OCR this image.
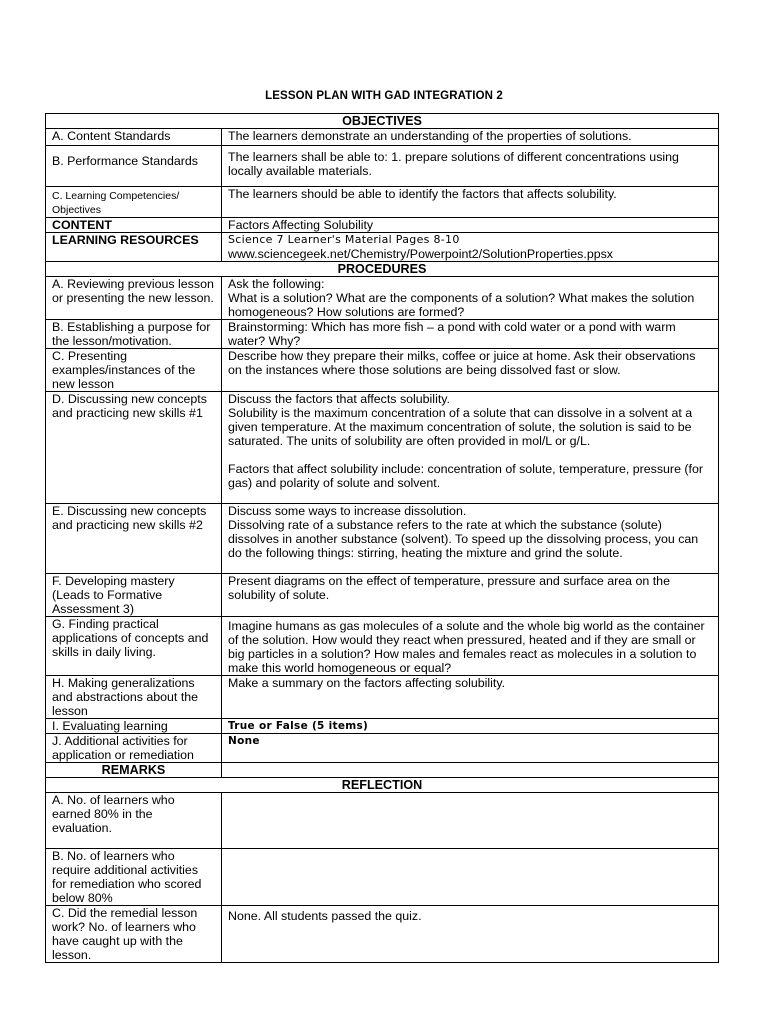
LESSON PLAN WITH GAD INTEGRATION 2
OBJECTIVES	
A. Content Standards	The learners demonstrate an understanding of the properties of solutions.
B. Performance Standards	The learners shall be able to: 1. prepare solutions of different concentrations using locally available materials.
C. Learning Competencies/ Objectives	The learners should be able to identify the factors that affects solubility.
CONTENT	Factors Affecting Solubility
LEARNING RESOURCES	Science 7 Learner's Material Pages 8-10
www.sciencegeek.net/Chemistry/Powerpoint2/SolutionProperties.ppsx

PROCEDURES	
A. Reviewing previous lesson or presenting the new lesson.	Ask the following:
What is a solution? What are the components of a solution? What makes the solution homogeneous? How solutions are formed?
B. Establishing a purpose for the lesson/motivation.	Brainstorming: Which has more fish – a pond with cold water or a pond with warm water? Why?
C. Presenting examples/instances of the new lesson	Describe how they prepare their milks, coffee or juice at home. Ask their observations on the instances where those solutions are being dissolved fast or slow.
D. Discussing new concepts and practicing new skills #1	Discuss the factors that affects solubility.
Solubility is the maximum concentration of a solute that can dissolve in a solvent at a given temperature. At the maximum concentration of solute, the solution is said to be saturated. The units of solubility are often provided in mol/L or g/L.

Factors that affect solubility include: concentration of solute, temperature, pressure (for gas) and polarity of solute and solvent.
E. Discussing new concepts and practicing new skills #2	Discuss some ways to increase dissolution.
Dissolving rate of a substance refers to the rate at which the substance (solute) dissolves in another substance (solvent). To speed up the dissolving process, you can do the following things: stirring, heating the mixture and grind the solute.
F. Developing mastery (Leads to Formative Assessment 3)	Present diagrams on the effect of temperature, pressure and surface area on the solubility of solute.
G. Finding practical applications of concepts and skills in daily living.	Imagine humans as gas molecules of a solute and the whole big world as the container of the solution. How would they react when pressured, heated and if they are small or big particles in a solution? How males and females react as molecules in a solution to make this world homogeneous or equal?
H. Making generalizations and abstractions about the lesson	Make a summary on the factors affecting solubility.
I. Evaluating learning	True or False (5 items)
J. Additional activities for application or remediation	None
REMARKS	
REFLECTION	
A. No. of learners who earned 80% in the evaluation.	
B. No. of learners who require additional activities for remediation who scored below 80%	
C. Did the remedial lesson work? No. of learners who have caught up with the lesson.	None. All students passed the quiz.
